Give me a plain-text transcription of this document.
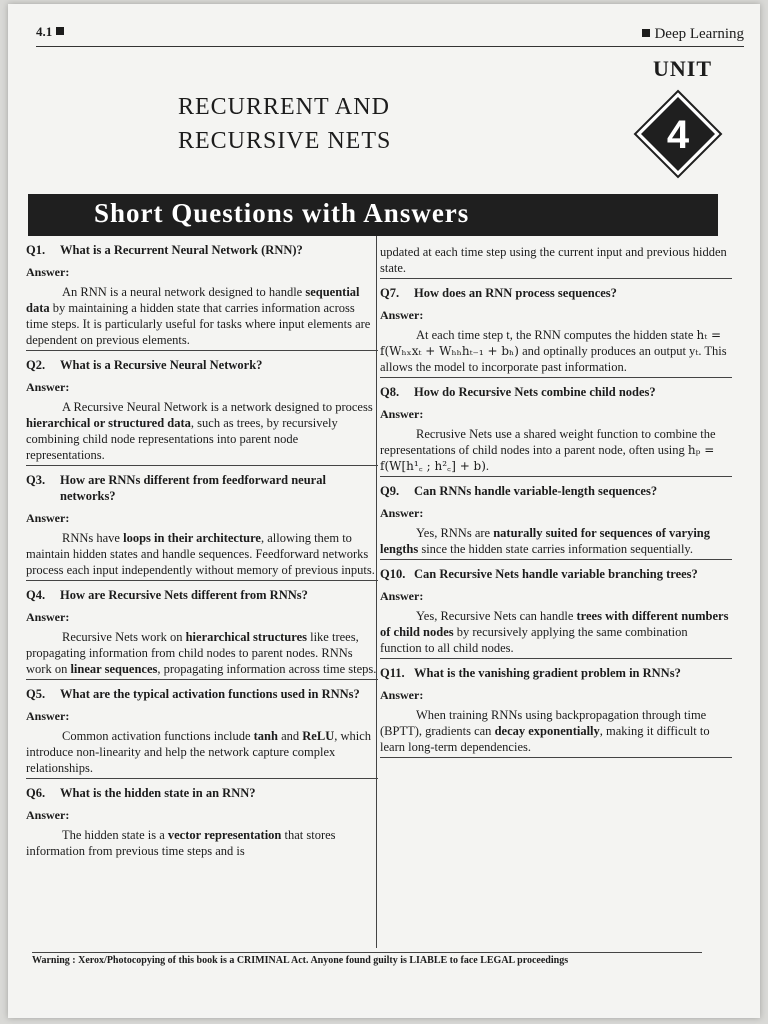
4.1	Deep Learning
UNIT
RECURRENT AND
RECURSIVE NETS	4
Short Questions with Answers
Q1.	What is a Recurrent Neural Network (RNN)?
Answer:
An RNN is a neural network designed to handle sequential data by maintaining a hidden state that carries information across time steps. It is particularly useful for tasks where input elements are dependent on previous elements.
Q2.	What is a Recursive Neural Network?
Answer:
A Recursive Neural Network is a network designed to process hierarchical or structured data, such as trees, by recursively combining child node representations into parent node representations.
Q3.	How are RNNs different from feedforward neural networks?
Answer:
RNNs have loops in their architecture, allowing them to maintain hidden states and handle sequences. Feedforward networks process each input independently without memory of previous inputs.
Q4.	How are Recursive Nets different from RNNs?
Answer:
Recursive Nets work on hierarchical structures like trees, propagating information from child nodes to parent nodes. RNNs work on linear sequences, propagating information across time steps.
Q5.	What are the typical activation functions used in RNNs?
Answer:
Common activation functions include tanh and ReLU, which introduce non-linearity and help the network capture complex relationships.
Q6.	What is the hidden state in an RNN?
Answer:
The hidden state is a vector representation that stores information from previous time steps and is
updated at each time step using the current input and previous hidden state.
Q7.	How does an RNN process sequences?
Answer:
At each time step t, the RNN computes the hidden state hₜ = f(Wₕₓxₜ + Wₕₕhₜ₋₁ + bₕ) and optinally produces an output yₜ. This allows the model to incorporate past information.
Q8.	How do Recursive Nets combine child nodes?
Answer:
Recrusive Nets use a shared weight function to combine the representations of child nodes into a parent node, often using hₚ = f(W[h¹꜀ ; h²꜀] + b).
Q9.	Can RNNs handle variable-length sequences?
Answer:
Yes, RNNs are naturally suited for sequences of varying lengths since the hidden state carries information sequentially.
Q10. Can Recursive Nets handle variable branching trees?
Answer:
Yes, Recursive Nets can handle trees with different numbers of child nodes by recursively applying the same combination function to all child nodes.
Q11. What is the vanishing gradient problem in RNNs?
Answer:
When training RNNs using backpropagation through time (BPTT), gradients can decay exponentially, making it difficult to learn long-term dependencies.
Warning : Xerox/Photocopying of this book is a CRIMINAL Act. Anyone found guilty is LIABLE to face LEGAL proceedings
